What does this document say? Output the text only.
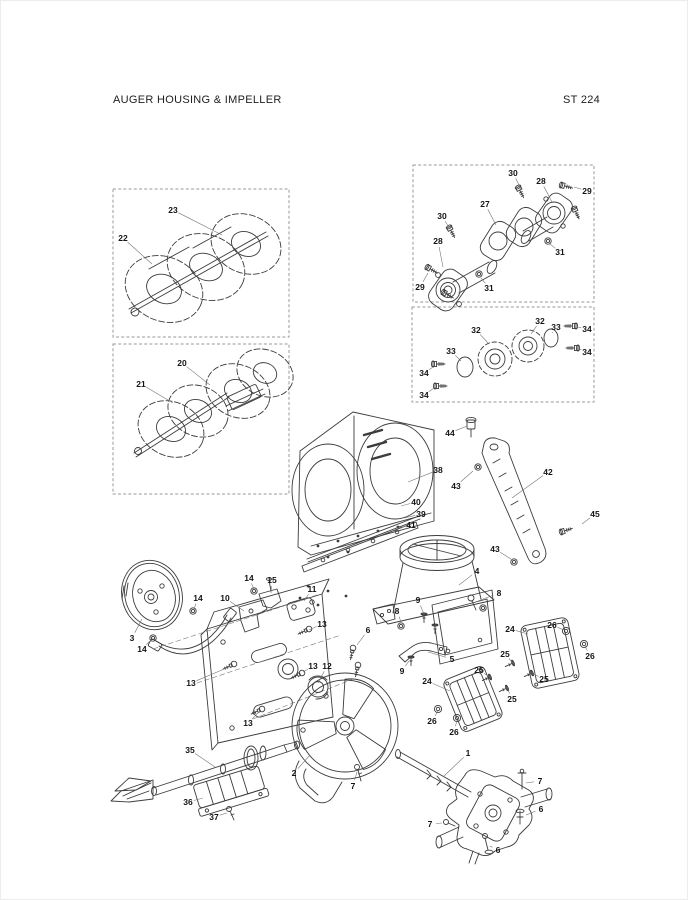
AUGER HOUSING & IMPELLER	ST 224
23
22
20
21
30
28
29
27
30
28
31
29	31
32
33	34
32
33	34
34
34
38
40
39
41
44
43
42
45
43
4
8
9
8
6
5
9
14 15
11
14 10
13
3
14
13 12
13
13
35
2
7
36
37
1
24
25
25
25
25
26
26
24	26
26
7
6
7
6
